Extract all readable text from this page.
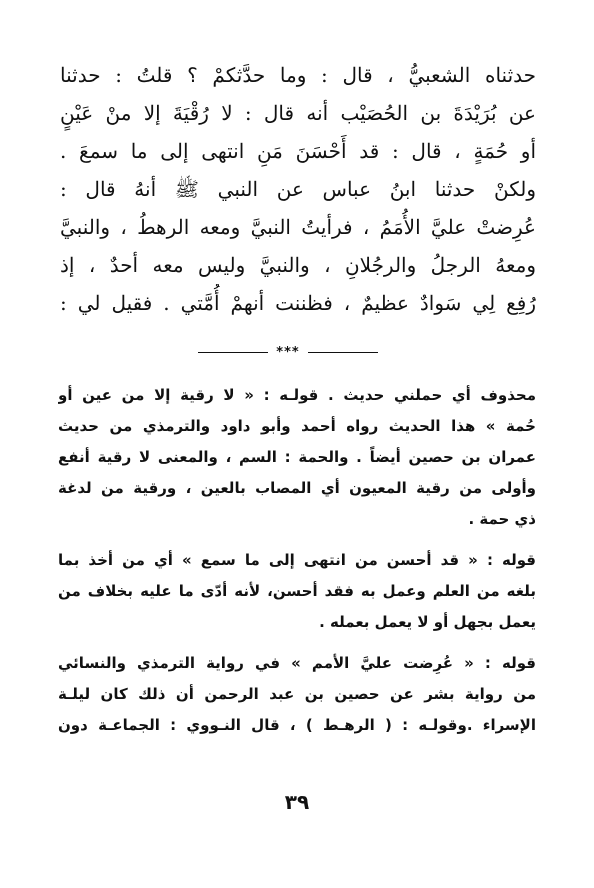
حدثناه الشعبيُّ ، قال : وما حدَّثكمْ ؟ قلتُ : حدثنا
عن بُرَيْدَةَ بن الحُصَيْب أنه قال : لا رُقْيَةَ إلا منْ عَيْنٍ
أو حُمَةٍ ، قال : قد أَحْسَنَ مَنِ انتهى إلى ما سمعَ .
ولكنْ حدثنا ابنُ عباس عن النبي ﷺ أنهُ قال :
عُرِضتْ عليَّ الأُمَمُ ، فرأيتُ النبيَّ ومعه الرهطُ ، والنبيَّ
ومعهُ الرجلُ والرجُلانِ ، والنبيَّ وليس معه أحدٌ ، إذ
رُفِع لِي سَوادٌ عظيمٌ ، فظننت أنهمْ أُمَّتي . فقيل لي :
***
محذوف أي حملني حديث . قولـه : « لا رقية إلا من عين أو
حُمة » هذا الحديث رواه أحمد وأبو داود والترمذي من حديث
عمران بن حصين أيضاً . والحمة : السم ، والمعنى لا رقية أنفع
وأولى من رقية المعيون أي المصاب بالعين ، ورقية من لدغة
ذي حمة .
قوله : « قد أحسن من انتهى إلى ما سمع » أي من أخذ بما
بلغه من العلم وعمل به فقد أحسن، لأنه أدّى ما عليه بخلاف من
يعمل بجهل أو لا يعمل بعمله .
قوله : « عُرِضت عليَّ الأمم » في رواية الترمذي والنسائي
من رواية بشر عن حصين بن عبد الرحمن أن ذلك كان ليلـة
الإسراء .وقولـه : ( الرهـط ) ، قال النـووي : الجماعـة دون
٣٩
